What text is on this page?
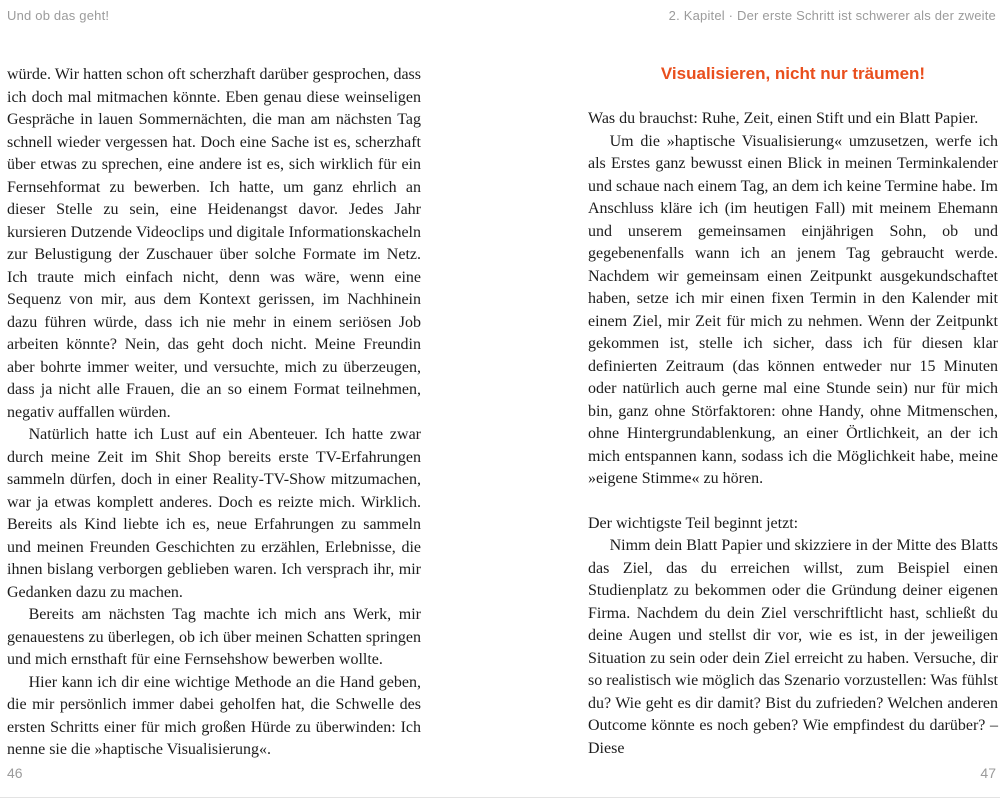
Und ob das geht!	2. Kapitel · Der erste Schritt ist schwerer als der zweite

würde. Wir hatten schon oft scherzhaft darüber gesprochen, dass ich doch mal mitmachen könnte. Eben genau diese weinseligen Gespräche in lauen Sommernächten, die man am nächsten Tag schnell wieder vergessen hat. Doch eine Sache ist es, scherzhaft über etwas zu sprechen, eine andere ist es, sich wirklich für ein Fernsehformat zu bewerben. Ich hatte, um ganz ehrlich an dieser Stelle zu sein, eine Heidenangst davor. Jedes Jahr kursieren Dutzende Videoclips und digitale Informationskacheln zur Belustigung der Zuschauer über solche Formate im Netz. Ich traute mich einfach nicht, denn was wäre, wenn eine Sequenz von mir, aus dem Kontext gerissen, im Nachhinein dazu führen würde, dass ich nie mehr in einem seriösen Job arbeiten könnte? Nein, das geht doch nicht. Meine Freundin aber bohrte immer weiter, und versuchte, mich zu überzeugen, dass ja nicht alle Frauen, die an so einem Format teilnehmen, negativ auffallen würden.

Natürlich hatte ich Lust auf ein Abenteuer. Ich hatte zwar durch meine Zeit im Shit Shop bereits erste TV-Erfahrungen sammeln dürfen, doch in einer Reality-TV-Show mitzumachen, war ja etwas komplett anderes. Doch es reizte mich. Wirklich. Bereits als Kind liebte ich es, neue Erfahrungen zu sammeln und meinen Freunden Geschichten zu erzählen, Erlebnisse, die ihnen bislang verborgen geblieben waren. Ich versprach ihr, mir Gedanken dazu zu machen.

Bereits am nächsten Tag machte ich mich ans Werk, mir genauestens zu überlegen, ob ich über meinen Schatten springen und mich ernsthaft für eine Fernsehshow bewerben wollte.

Hier kann ich dir eine wichtige Methode an die Hand geben, die mir persönlich immer dabei geholfen hat, die Schwelle des ersten Schritts einer für mich großen Hürde zu überwinden: Ich nenne sie die »haptische Visualisierung«.

Visualisieren, nicht nur träumen!

Was du brauchst: Ruhe, Zeit, einen Stift und ein Blatt Papier.

Um die »haptische Visualisierung« umzusetzen, werfe ich als Erstes ganz bewusst einen Blick in meinen Terminkalender und schaue nach einem Tag, an dem ich keine Termine habe. Im Anschluss kläre ich (im heutigen Fall) mit meinem Ehemann und unserem gemeinsamen einjährigen Sohn, ob und gegebenenfalls wann ich an jenem Tag gebraucht werde. Nachdem wir gemeinsam einen Zeitpunkt ausgekundschaftet haben, setze ich mir einen fixen Termin in den Kalender mit einem Ziel, mir Zeit für mich zu nehmen. Wenn der Zeitpunkt gekommen ist, stelle ich sicher, dass ich für diesen klar definierten Zeitraum (das können entweder nur 15 Minuten oder natürlich auch gerne mal eine Stunde sein) nur für mich bin, ganz ohne Störfaktoren: ohne Handy, ohne Mitmenschen, ohne Hintergrundablenkung, an einer Örtlichkeit, an der ich mich entspannen kann, sodass ich die Möglichkeit habe, meine »eigene Stimme« zu hören.

Der wichtigste Teil beginnt jetzt:

Nimm dein Blatt Papier und skizziere in der Mitte des Blatts das Ziel, das du erreichen willst, zum Beispiel einen Studienplatz zu bekommen oder die Gründung deiner eigenen Firma. Nachdem du dein Ziel verschriftlicht hast, schließt du deine Augen und stellst dir vor, wie es ist, in der jeweiligen Situation zu sein oder dein Ziel erreicht zu haben. Versuche, dir so realistisch wie möglich das Szenario vorzustellen: Was fühlst du? Wie geht es dir damit? Bist du zufrieden? Welchen anderen Outcome könnte es noch geben? Wie empfindest du darüber? – Diese

46	47
